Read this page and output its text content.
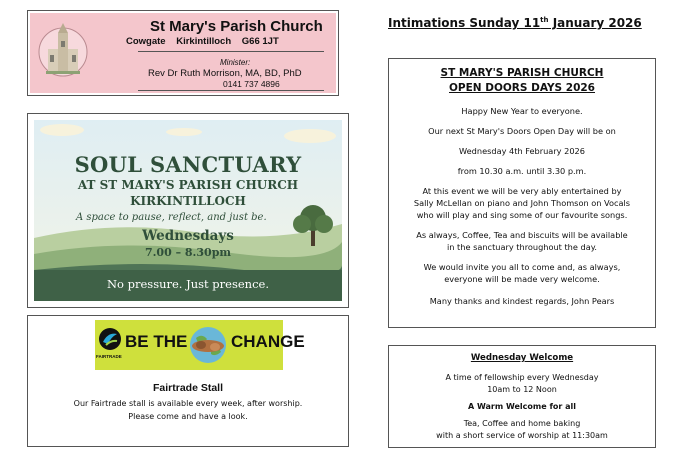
St Mary's Parish Church
Cowgate Kirkintilloch G66 1JT
Minister:
Rev Dr Ruth Morrison, MA, BD, PhD
0141 737 4896
SOUL SANCTUARY
AT ST MARY'S PARISH CHURCH
KIRKINTILLOCH
A space to pause, reflect, and just be.
Wednesdays
7.00 – 8.30pm
No pressure. Just presence.
FAIRTRADE
BE THE	CHANGE
Fairtrade Stall
Our Fairtrade stall is available every week, after worship.
Please come and have a look.
Intimations Sunday 11th January 2026
ST MARY'S PARISH CHURCH
OPEN DOORS DAYS 2026
Happy New Year to everyone.
Our next St Mary's Doors Open Day will be on
Wednesday 4th February 2026
from 10.30 a.m. until 3.30 p.m.
At this event we will be very ably entertained by
Sally McLellan on piano and John Thomson on Vocals
who will play and sing some of our favourite songs.
As always, Coffee, Tea and biscuits will be available
in the sanctuary throughout the day.
We would invite you all to come and, as always,
everyone will be made very welcome.
Many thanks and kindest regards, John Pears
Wednesday Welcome
A time of fellowship every Wednesday
10am to 12 Noon
A Warm Welcome for all
Tea, Coffee and home baking
with a short service of worship at 11:30am
